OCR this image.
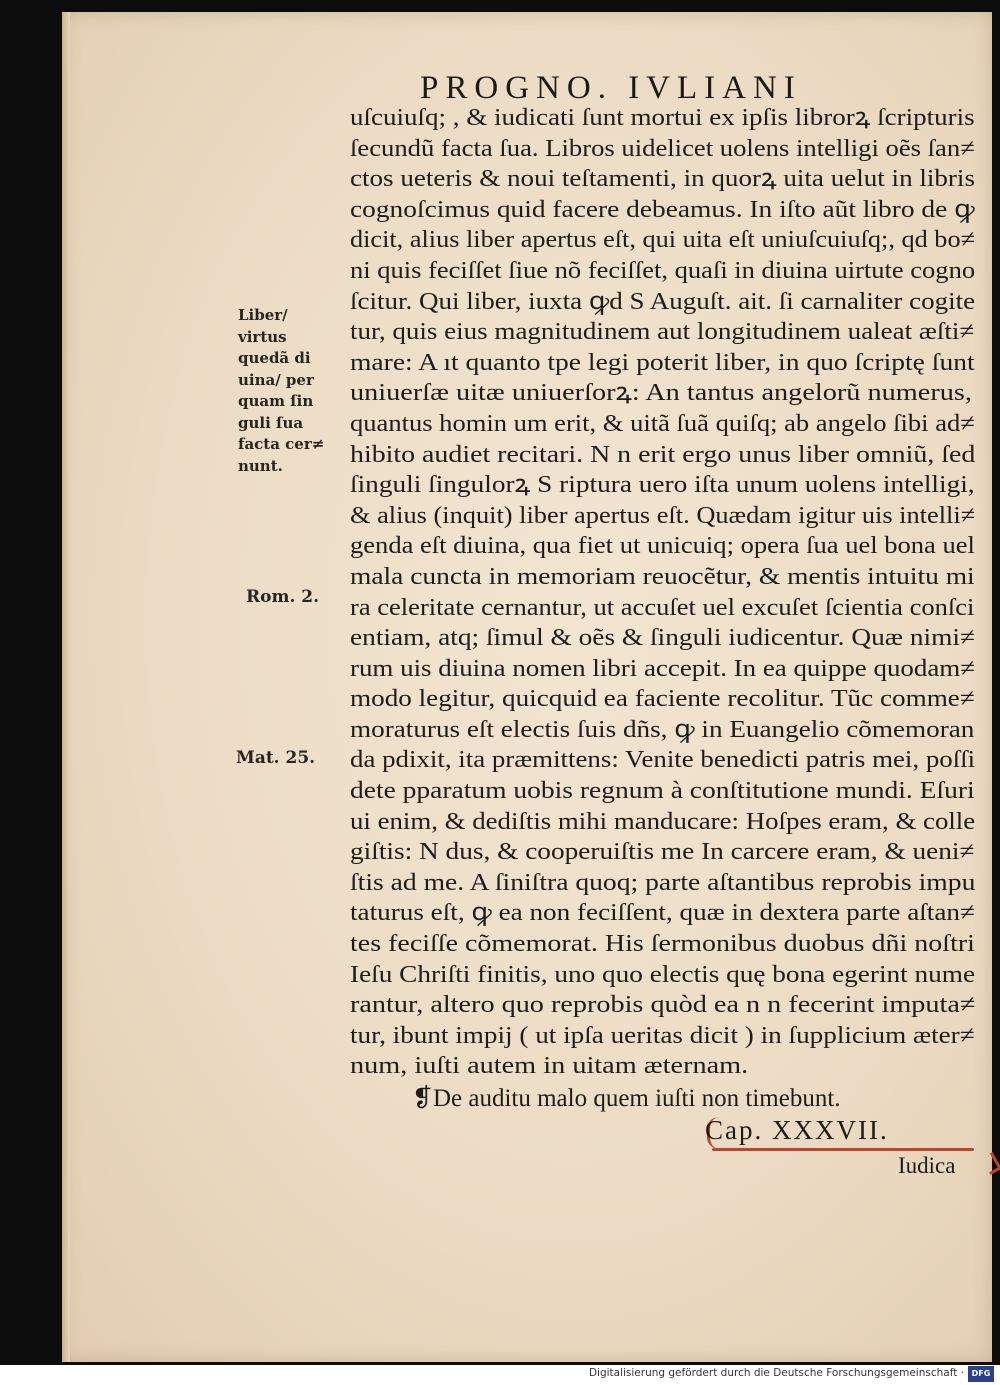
PROGNO. IVLIANI
uſcuiuſq; , & iudicati ſunt mortui ex ipſis librorꝝ ſcripturis
ſecundũ facta ſua. Libros uidelicet uolens intelligi oẽs ſan≠
ctos ueteris & noui teſtamenti, in quorꝝ uita uelut in libris
cognoſcimus quid facere debeamus. In iſto aũt libro de ꝙ
dicit, alius liber apertus eſt, qui uita eſt uniuſcuiuſq;, qd bo≠
ni quis feciſſet ſiue nõ feciſſet, quaſi in diuina uirtute cogno
ſcitur. Qui liber, iuxta ꝙd S Auguſt. ait. ſi carnaliter cogite
tur, quis eius magnitudinem aut longitudinem ualeat æſti≠
mare: A ıt quanto tpe legi poterit liber, in quo ſcriptę ſunt
uniuerſæ uitæ uniuerſorꝝ: An tantus angelorũ numerus,
quantus homin um erit, & uitã ſuã quiſq; ab angelo ſibi ad≠
hibito audiet recitari. N n erit ergo unus liber omniũ, ſed
ſinguli ſingulorꝝ S riptura uero iſta unum uolens intelligi,
& alius (inquit) liber apertus eſt. Quædam igitur uis intelli≠
genda eſt diuina, qua fiet ut unicuiq; opera ſua uel bona uel
mala cuncta in memoriam reuocẽtur, & mentis intuitu mi
ra celeritate cernantur, ut accuſet uel excuſet ſcientia conſci
entiam, atq; ſimul & oẽs & ſinguli iudicentur. Quæ nimi≠
rum uis diuina nomen libri accepit. In ea quippe quodam≠
modo legitur, quicquid ea faciente recolitur. Tũc comme≠
moraturus eſt electis ſuis dñs, ꝙ in Euangelio cõmemoran
da pdixit, ita præmittens: Venite benedicti patris mei, poſſi
dete pparatum uobis regnum à conſtitutione mundi. Eſuri
ui enim, & dediſtis mihi manducare: Hoſpes eram, & colle
giſtis: N dus, & cooperuiſtis me In carcere eram, & ueni≠
ſtis ad me. A ſiniſtra quoq; parte aſtantibus reprobis impu
taturus eſt, ꝙ ea non feciſſent, quæ in dextera parte aſtan≠
tes feciſſe cõmemorat. His ſermonibus duobus dñi noſtri
Ieſu Chriſti finitis, uno quo electis quę bona egerint nume
rantur, altero quo reprobis quòd ea n n fecerint imputa≠
tur, ibunt impij ( ut ipſa ueritas dicit ) in ſupplicium æter≠
num, iuſti autem in uitam æternam.
Liber/
virtus
quedã di
uina/ per
quam ſin
guli ſua
facta cer≠
nunt.
Rom. 2.
Mat. 25.
❡De auditu malo quem iuſti non timebunt.
Cap. XXXVII.
Iudica
Digitalisierung gefördert durch die Deutsche Forschungsgemeinschaft · DFG
